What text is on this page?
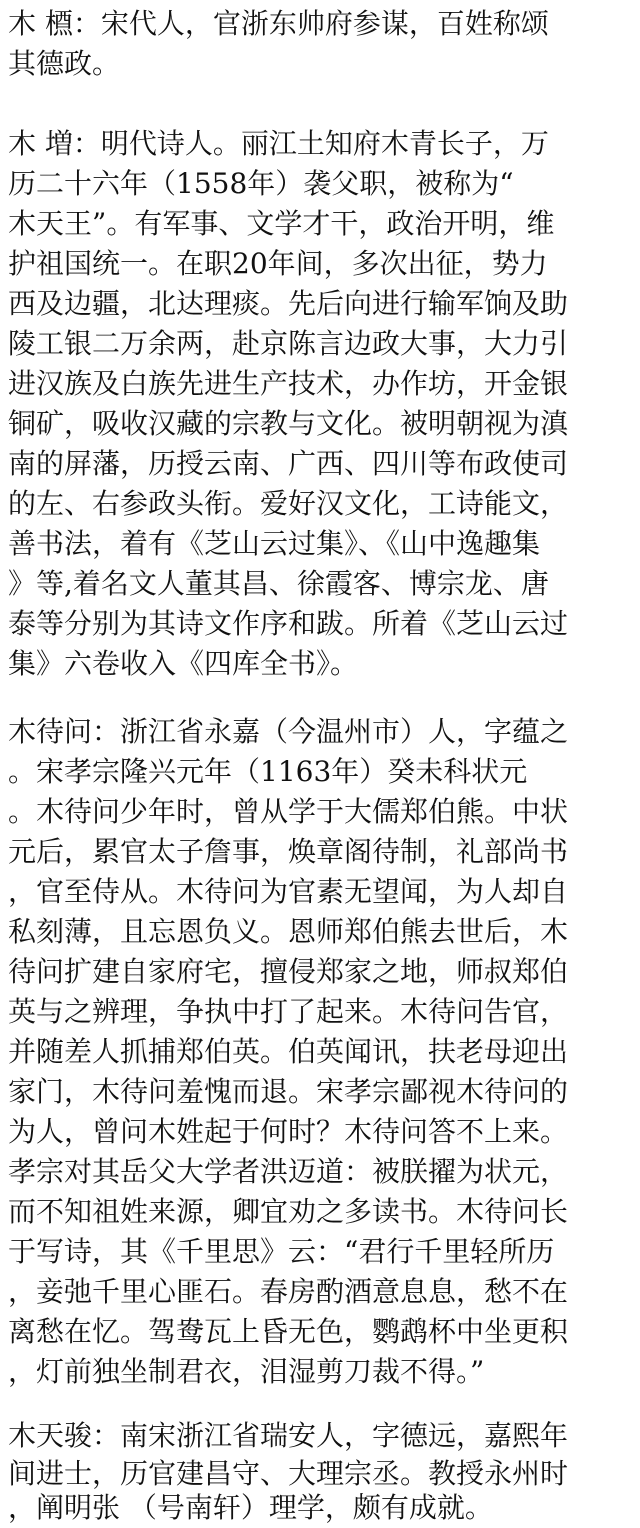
木 槱：宋代人，官浙东帅府参谋，百姓称颂
其德政。
木 増：明代诗人。丽江土知府木青长子，万
历二十六年（1558年）袭父职，被称为“
木天王”。有军事、文学才干，政治开明，维
护祖国统一。在职20年间，多次出征，势力
西及边疆，北达理痰。先后向进行输军饷及助
陵工银二万余两，赴京陈言边政大事，大力引
进汉族及白族先进生产技术，办作坊，开金银
铜矿，吸收汉藏的宗教与文化。被明朝视为滇
南的屏藩，历授云南、广西、四川等布政使司
的左、右参政头衔。爱好汉文化，工诗能文，
善书法，着有《芝山云过集》、《山中逸趣集
》等,着名文人董其昌、徐霞客、博宗龙、唐
泰等分别为其诗文作序和跋。所着《芝山云过
集》六卷收入《四库全书》。
木待问：浙江省永嘉（今温州市）人，字蕴之
。宋孝宗隆兴元年（1163年）癸未科状元
。木待问少年时，曾从学于大儒郑伯熊。中状
元后，累官太子詹事，焕章阁待制，礼部尚书
，官至侍从。木待问为官素无望闻，为人却自
私刻薄，且忘恩负义。恩师郑伯熊去世后，木
待问扩建自家府宅，擅侵郑家之地，师叔郑伯
英与之辨理，争执中打了起来。木待问告官，
并随差人抓捕郑伯英。伯英闻讯，扶老母迎出
家门，木待问羞愧而退。宋孝宗鄙视木待问的
为人，曾问木姓起于何时？木待问答不上来。
孝宗对其岳父大学者洪迈道：被朕擢为状元，
而不知祖姓来源，卿宜劝之多读书。木待问长
于写诗，其《千里思》云：“君行千里轻所历
，妾弛千里心匪石。春房酌酒意息息，愁不在
离愁在忆。驾鸯瓦上昏无色，鹦鹉杯中坐更积
，灯前独坐制君衣，泪湿剪刀裁不得。”
木天骏：南宋浙江省瑞安人，字德远，嘉熙年
间进士，历官建昌守、大理宗丞。教授永州时
，阐明张 （号南轩）理学，颇有成就。
